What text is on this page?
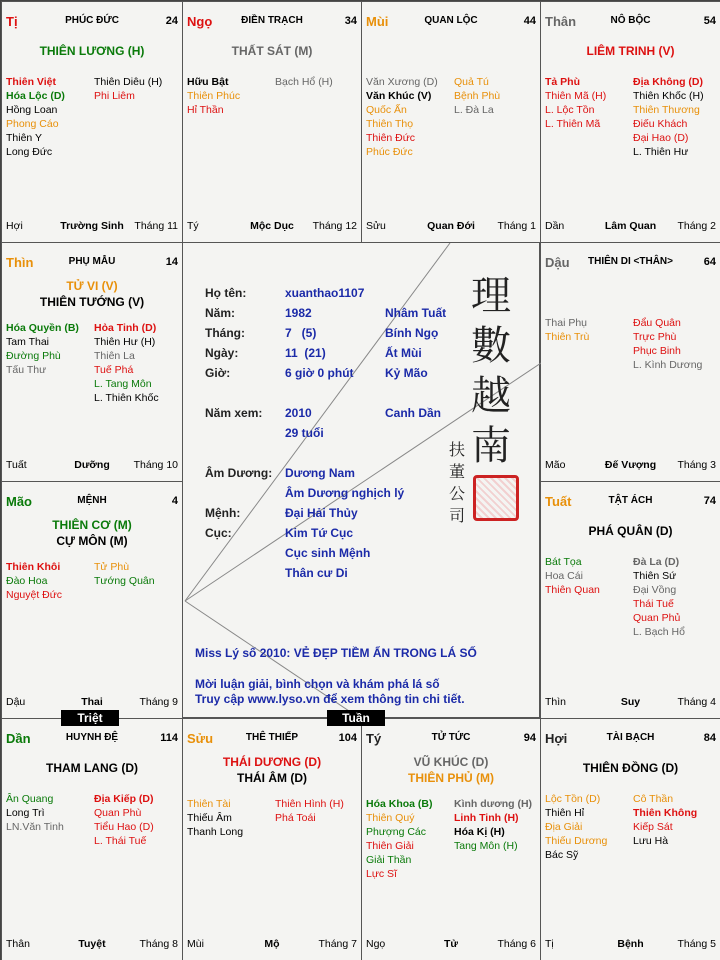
Tị	PHÚC ĐỨC	24
THIÊN LƯƠNG (H)
Thiên Việt
Hóa Lộc (D)
Hồng Loan
Phong Cáo
Thiên Y
Long Đức
Thiên Diêu (H)
Phi Liêm
Hợi	Trường Sinh	Tháng 11
Ngọ	ĐIỀN TRẠCH	34
THẤT SÁT (M)
Hữu Bật
Thiên Phúc
Hỉ Thần
Bạch Hổ (H)
Tý	Mộc Dục	Tháng 12
Mùi	QUAN LỘC	44
Văn Xương (D)
Văn Khúc (V)
Quốc Ấn
Thiên Thọ
Thiên Đức
Phúc Đức
Quả Tú
Bệnh Phù
L. Đà La
Sửu	Quan Đới	Tháng 1
Thân	NÔ BỘC	54
LIÊM TRINH (V)
Tả Phù
Thiên Mã (H)
L. Lộc Tồn
L. Thiên Mã
Địa Không (D)
Thiên Khốc (H)
Thiên Thương
Điếu Khách
Đại Hao (D)
L. Thiên Hư
Dần	Lâm Quan	Tháng 2
Thìn	PHỤ MẪU	14
TỬ VI (V)
THIÊN TƯỚNG (V)
Hóa Quyền (B)
Tam Thai
Đường Phù
Tấu Thư
Hỏa Tinh (D)
Thiên Hư (H)
Thiên La
Tuế Phá
L. Tang Môn
L. Thiên Khốc
Tuất	Dưỡng	Tháng 10
Dậu	THIÊN DI <THÂN>	64
Thai Phụ
Thiên Trù
Đẩu Quân
Trực Phù
Phục Binh
L. Kình Dương
Mão	Đế Vượng	Tháng 3
Mão	MỆNH	4
THIÊN CƠ (M)
CỰ MÔN (M)
Thiên Khôi
Đào Hoa
Nguyệt Đức
Tử Phù
Tướng Quân
Dậu	Thai	Tháng 9
Tuất	TẬT ÁCH	74
PHÁ QUÂN (D)
Bát Tọa
Hoa Cái
Thiên Quan
Đà La (D)
Thiên Sứ
Đại Vồng
Thái Tuế
Quan Phủ
L. Bạch Hổ
Thìn	Suy	Tháng 4
Dần	HUYNH ĐỆ	114
THAM LANG (D)
Ân Quang
Long Trì
LN.Văn Tinh
Địa Kiếp (D)
Quan Phù
Tiểu Hao (D)
L. Thái Tuế
Thân	Tuyệt	Tháng 8
Sửu	THÊ THIẾP	104
THÁI DƯƠNG (D)
THÁI ÂM (D)
Thiên Tài
Thiếu Âm
Thanh Long
Thiên Hình (H)
Phá Toái
Mùi	Mộ	Tháng 7
Tý	TỬ TỨC	94
VŨ KHÚC (D)
THIÊN PHỦ (M)
Hóa Khoa (B)
Thiên Quý
Phượng Các
Thiên Giải
Giải Thần
Lực Sĩ
Kình dương (H)
Linh Tinh (H)
Hóa Kị (H)
Tang Môn (H)
Ngọ	Tử	Tháng 6
Hợi	TÀI BẠCH	84
THIÊN ĐỒNG (D)
Lộc Tồn (D)
Thiên Hỉ
Địa Giải
Thiếu Dương
Bác Sỹ
Cô Thần
Thiên Không
Kiếp Sát
Lưu Hà
Tị	Bệnh	Tháng 5
理
數
越
南
扶
董
公
司
Họ tên:	xuanthao1107
Năm:	1982	Nhâm Tuất
Tháng:	7   (5)	Bính Ngọ
Ngày:	11  (21)	Ất Mùi
Giờ:	6 giờ 0 phút	Kỷ Mão
Năm xem: 2010	Canh Dần
29 tuổi
Âm Dương: Dương Nam
Âm Dương nghịch lý
Mệnh:	Đại Hải Thủy
Cục:	Kim Tứ Cục
Cục sinh Mệnh
Thân cư Di
Miss Lý số 2010: VẺ ĐẸP TIỀM ẨN TRONG LÁ SỐ
Mời luận giải, bình chọn và khám phá lá số
Truy cập www.lyso.vn để xem thông tin chi tiết.
Triệt	Tuần
